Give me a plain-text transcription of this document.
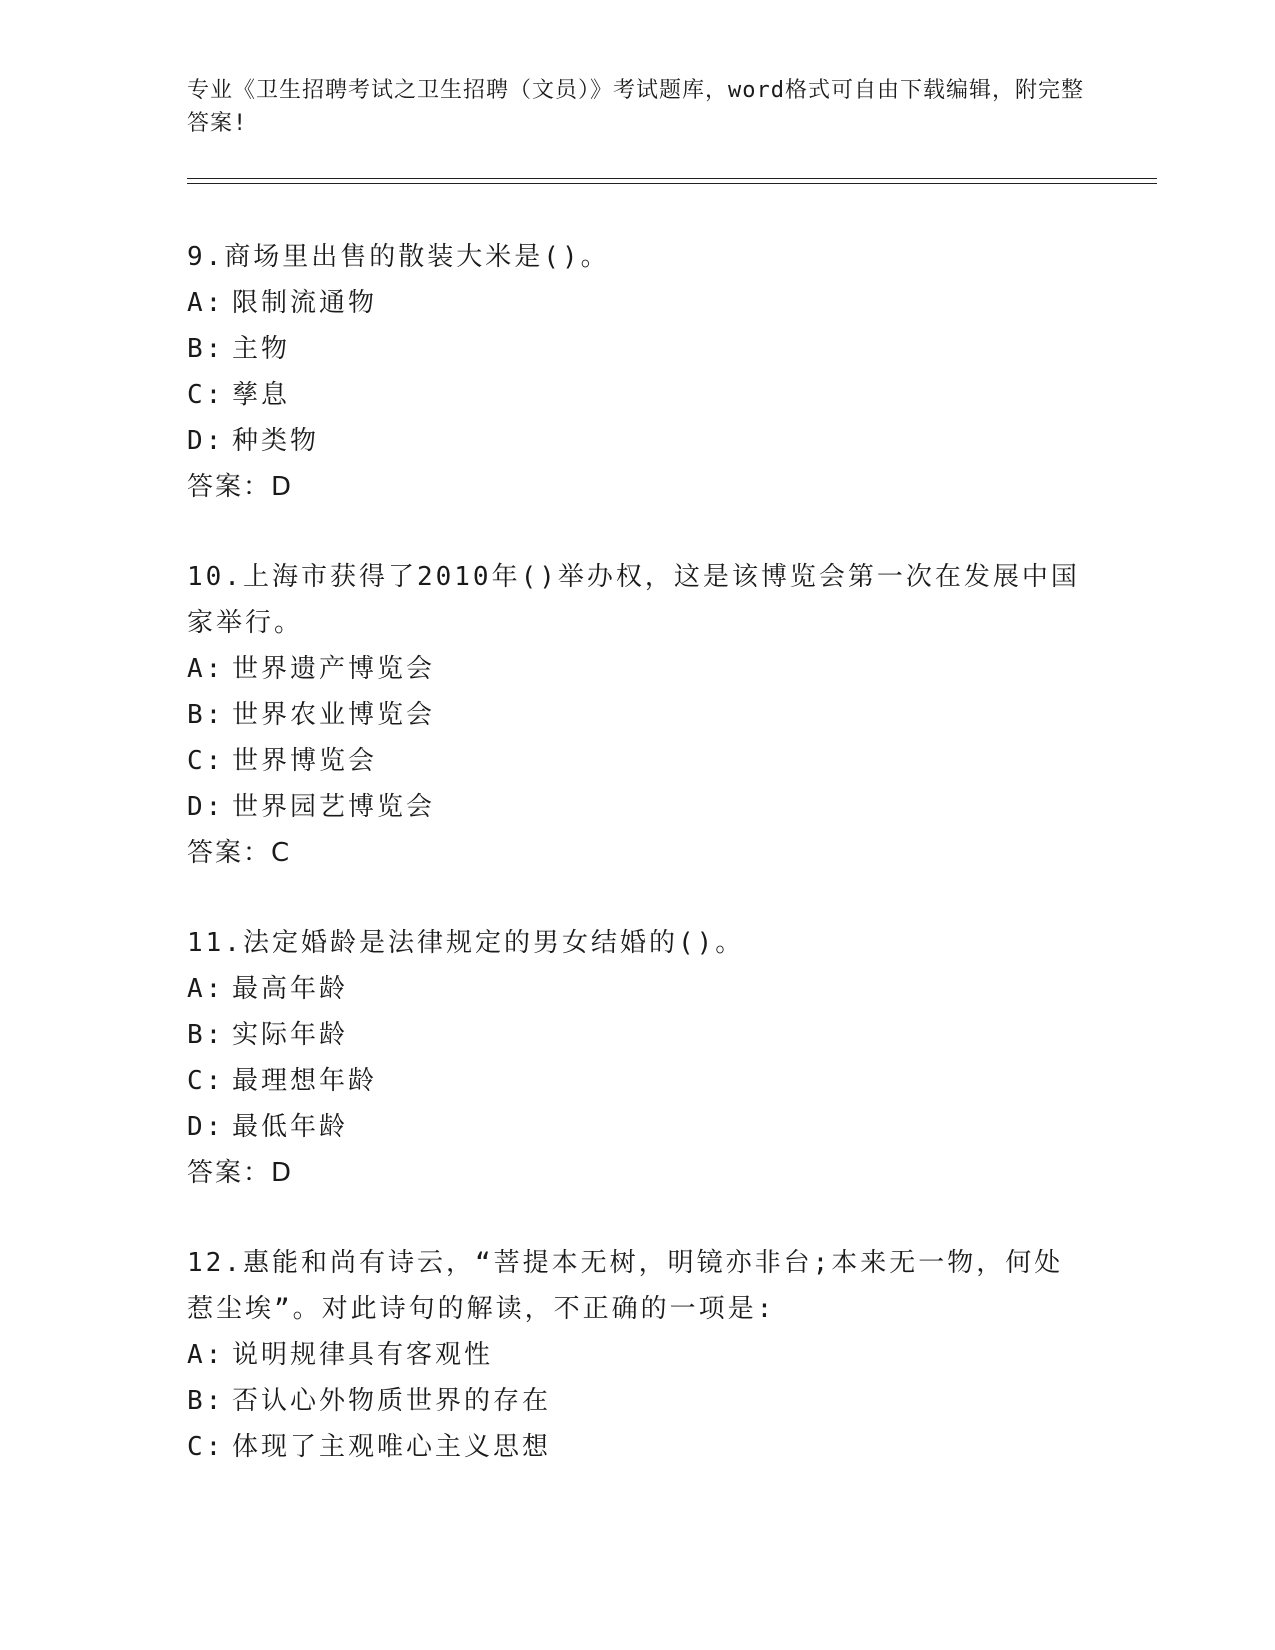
专业《卫生招聘考试之卫生招聘（文员）》考试题库，word格式可自由下载编辑，附完整答案!
9.商场里出售的散装大米是()。
A: 限制流通物
B: 主物
C: 孳息
D: 种类物
答案：D
10.上海市获得了2010年()举办权，这是该博览会第一次在发展中国家举行。
A: 世界遗产博览会
B: 世界农业博览会
C: 世界博览会
D: 世界园艺博览会
答案：C
11.法定婚龄是法律规定的男女结婚的()。
A: 最高年龄
B: 实际年龄
C: 最理想年龄
D: 最低年龄
答案：D
12.惠能和尚有诗云，“菩提本无树，明镜亦非台;本来无一物，何处惹尘埃”。对此诗句的解读，不正确的一项是:
A: 说明规律具有客观性
B: 否认心外物质世界的存在
C: 体现了主观唯心主义思想
